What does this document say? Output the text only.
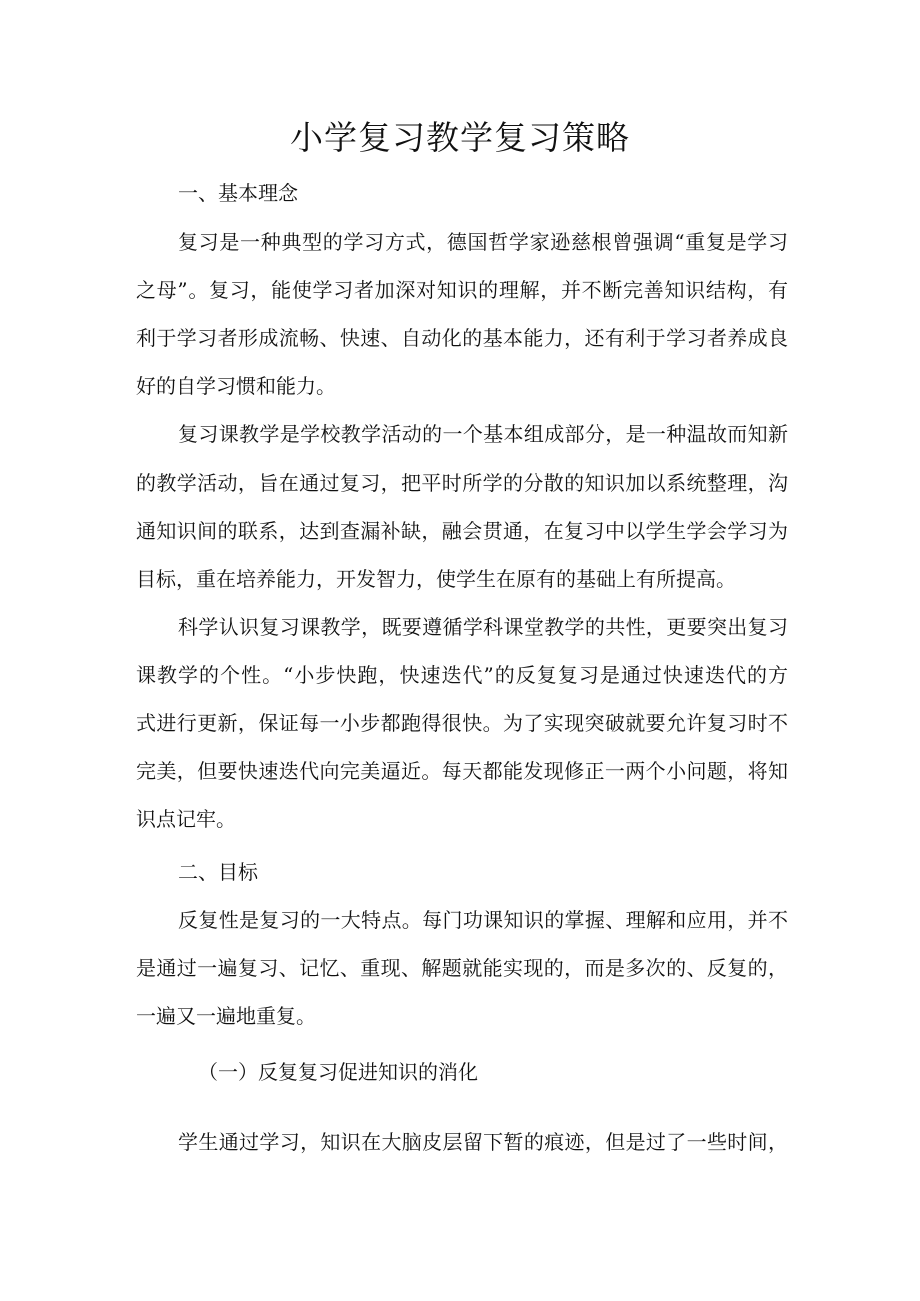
小学复习教学复习策略

一、基本理念

复习是一种典型的学习方式，德国哲学家逊慈根曾强调“重复是学习

之母”。复习，能使学习者加深对知识的理解，并不断完善知识结构，有

利于学习者形成流畅、快速、自动化的基本能力，还有利于学习者养成良

好的自学习惯和能力。

复习课教学是学校教学活动的一个基本组成部分，是一种温故而知新

的教学活动，旨在通过复习，把平时所学的分散的知识加以系统整理，沟

通知识间的联系，达到查漏补缺，融会贯通，在复习中以学生学会学习为

目标，重在培养能力，开发智力，使学生在原有的基础上有所提高。

科学认识复习课教学，既要遵循学科课堂教学的共性，更要突出复习

课教学的个性。“小步快跑，快速迭代”的反复复习是通过快速迭代的方

式进行更新，保证每一小步都跑得很快。为了实现突破就要允许复习时不

完美，但要快速迭代向完美逼近。每天都能发现修正一两个小问题，将知

识点记牢。

二、目标

反复性是复习的一大特点。每门功课知识的掌握、理解和应用，并不

是通过一遍复习、记忆、重现、解题就能实现的，而是多次的、反复的，

一遍又一遍地重复。

（一）反复复习促进知识的消化

学生通过学习，知识在大脑皮层留下暂的痕迹，但是过了一些时间，
